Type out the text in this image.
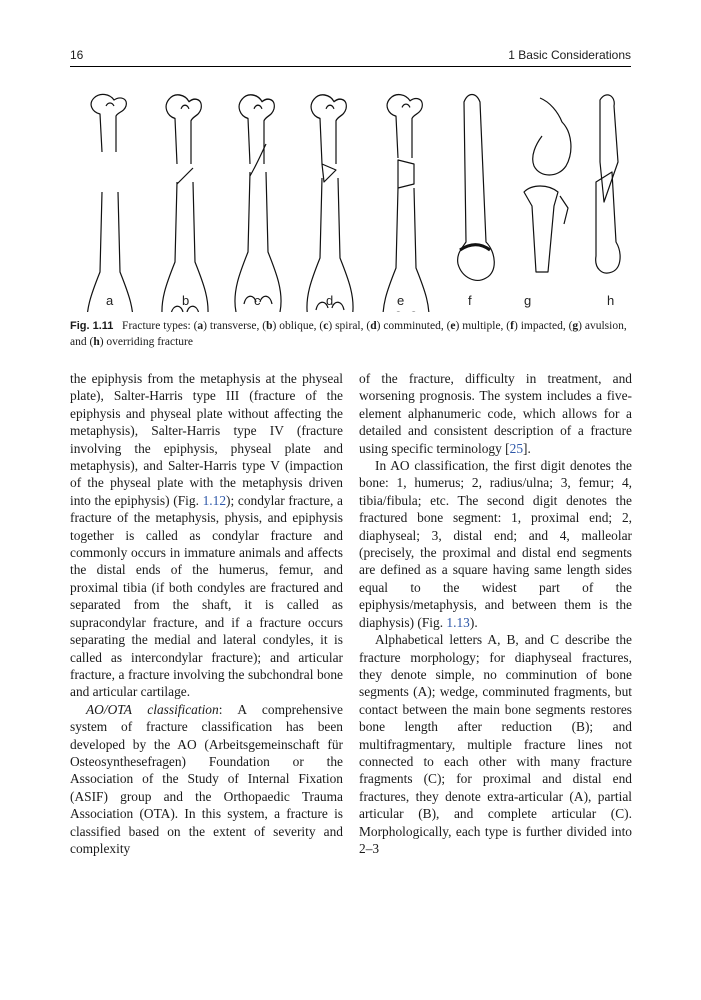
16	1 Basic Considerations
a	b	c	d	e	f	g	h
Fig. 1.11 Fracture types: (a) transverse, (b) oblique, (c) spiral, (d) comminuted, (e) multiple, (f) impacted, (g) avulsion, and (h) overriding fracture

the epiphysis from the metaphysis at the physeal plate), Salter-Harris type III (fracture of the epiphysis and physeal plate without affecting the metaphysis), Salter-Harris type IV (fracture involving the epiphysis, physeal plate and metaphysis), and Salter-Harris type V (impaction of the physeal plate with the metaphysis driven into the epiphysis) (Fig. 1.12); condylar fracture, a fracture of the metaphysis, physis, and epiphysis together is called as condylar fracture and commonly occurs in immature animals and affects the distal ends of the humerus, femur, and proximal tibia (if both condyles are fractured and separated from the shaft, it is called as supracondylar fracture, and if a fracture occurs separating the medial and lateral condyles, it is called as intercondylar fracture); and articular fracture, a fracture involving the subchondral bone and articular cartilage.

AO/OTA classification: A comprehensive system of fracture classification has been developed by the AO (Arbeitsgemeinschaft für Osteosynthesefragen) Foundation or the Association of the Study of Internal Fixation (ASIF) group and the Orthopaedic Trauma Association (OTA). In this system, a fracture is classified based on the extent of severity and complexity

of the fracture, difficulty in treatment, and worsening prognosis. The system includes a five-element alphanumeric code, which allows for a detailed and consistent description of a fracture using specific terminology [25].

In AO classification, the first digit denotes the bone: 1, humerus; 2, radius/ulna; 3, femur; 4, tibia/fibula; etc. The second digit denotes the fractured bone segment: 1, proximal end; 2, diaphyseal; 3, distal end; and 4, malleolar (precisely, the proximal and distal end segments are defined as a square having same length sides equal to the widest part of the epiphysis/metaphysis, and between them is the diaphysis) (Fig. 1.13).

Alphabetical letters A, B, and C describe the fracture morphology; for diaphyseal fractures, they denote simple, no comminution of bone segments (A); wedge, comminuted fragments, but contact between the main bone segments restores bone length after reduction (B); and multifragmentary, multiple fracture lines not connected to each other with many fracture fragments (C); for proximal and distal end fractures, they denote extra-articular (A), partial articular (B), and complete articular (C). Morphologically, each type is further divided into 2–3
